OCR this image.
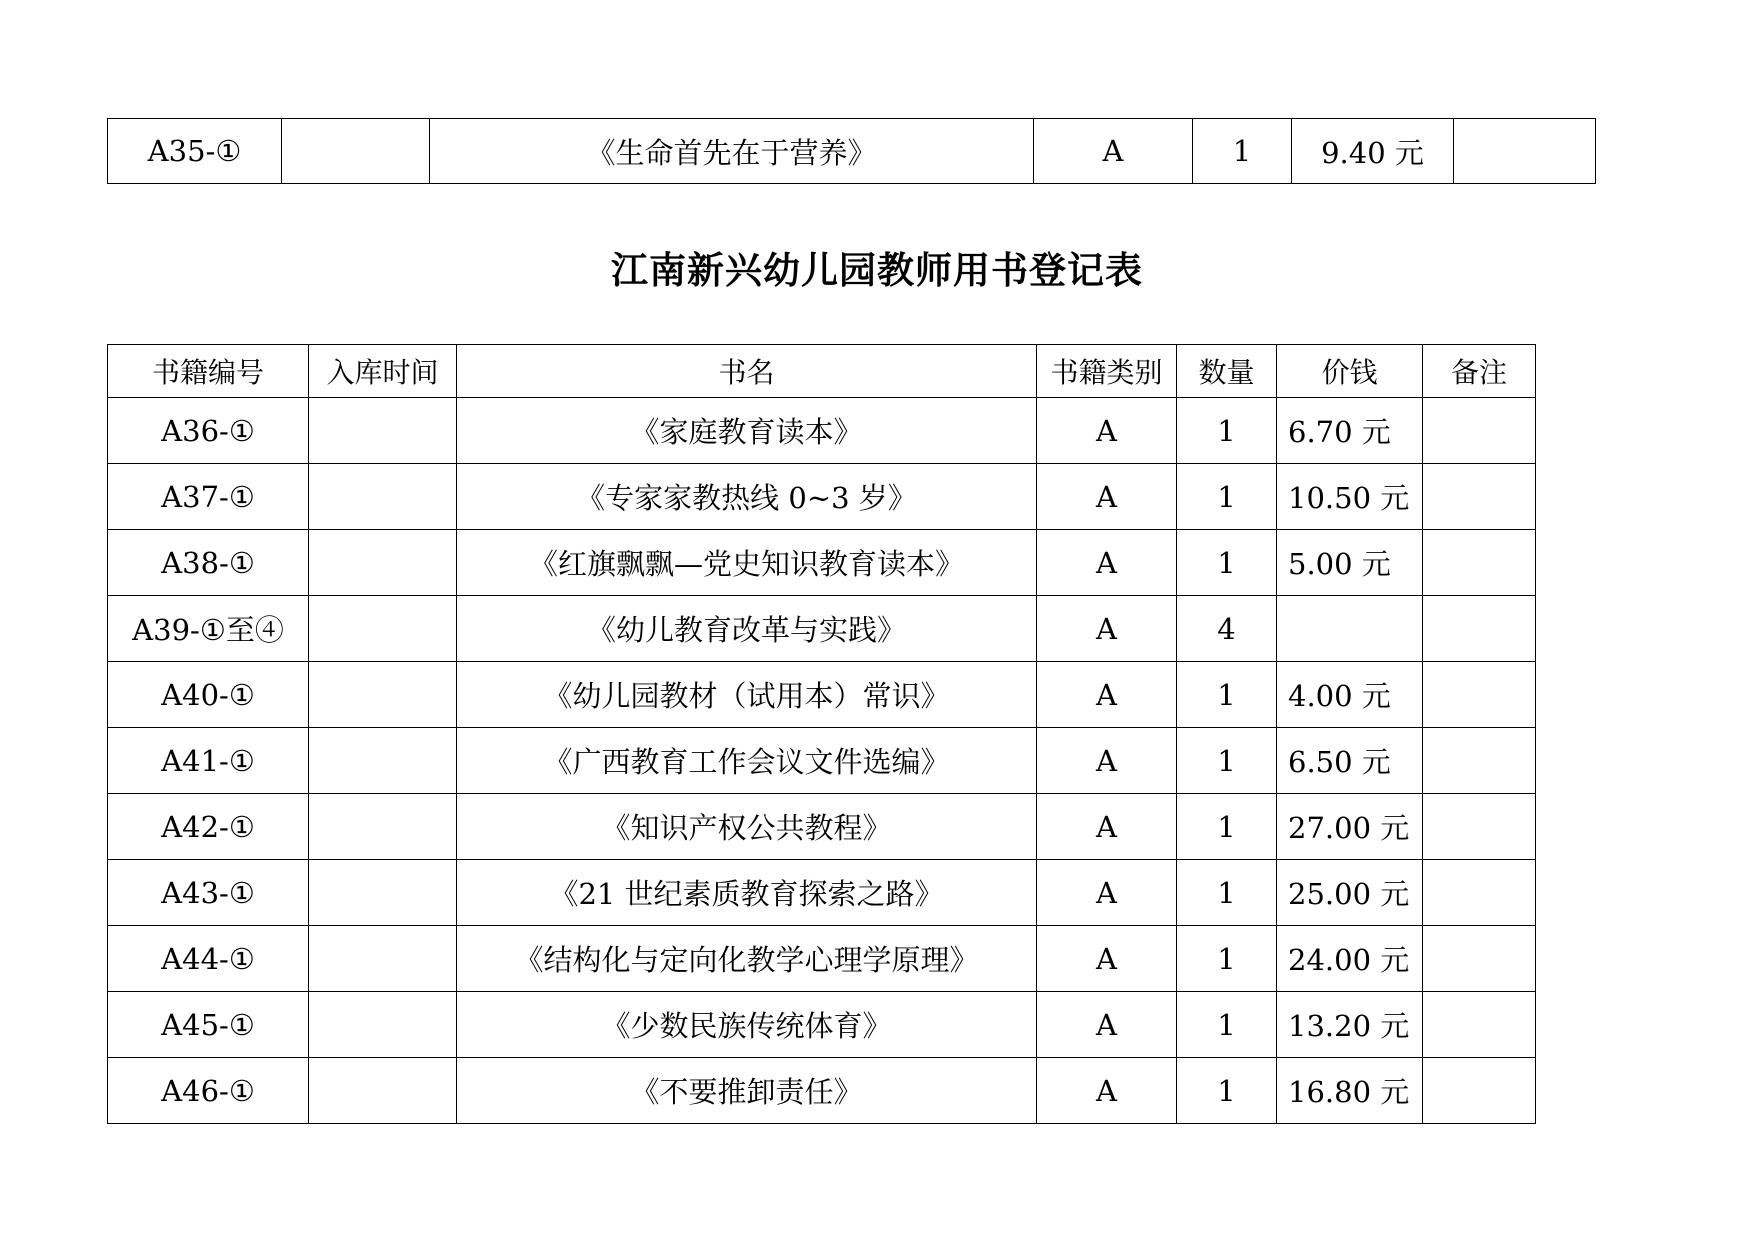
A35-①		《生命首先在于营养》	A	1	9.40 元	
江南新兴幼儿园教师用书登记表
书籍编号	入库时间	书名	书籍类别	数量	价钱	备注
A36-①		《家庭教育读本》	A	1	6.70 元	
A37-①		《专家家教热线 0~3 岁》	A	1	10.50 元	
A38-①		《红旗飘飘—党史知识教育读本》	A	1	5.00 元	
A39-①至④		《幼儿教育改革与实践》	A	4		
A40-①		《幼儿园教材（试用本）常识》	A	1	4.00 元	
A41-①		《广西教育工作会议文件选编》	A	1	6.50 元	
A42-①		《知识产权公共教程》	A	1	27.00 元	
A43-①		《21 世纪素质教育探索之路》	A	1	25.00 元	
A44-①		《结构化与定向化教学心理学原理》	A	1	24.00 元	
A45-①		《少数民族传统体育》	A	1	13.20 元	
A46-①		《不要推卸责任》	A	1	16.80 元	
